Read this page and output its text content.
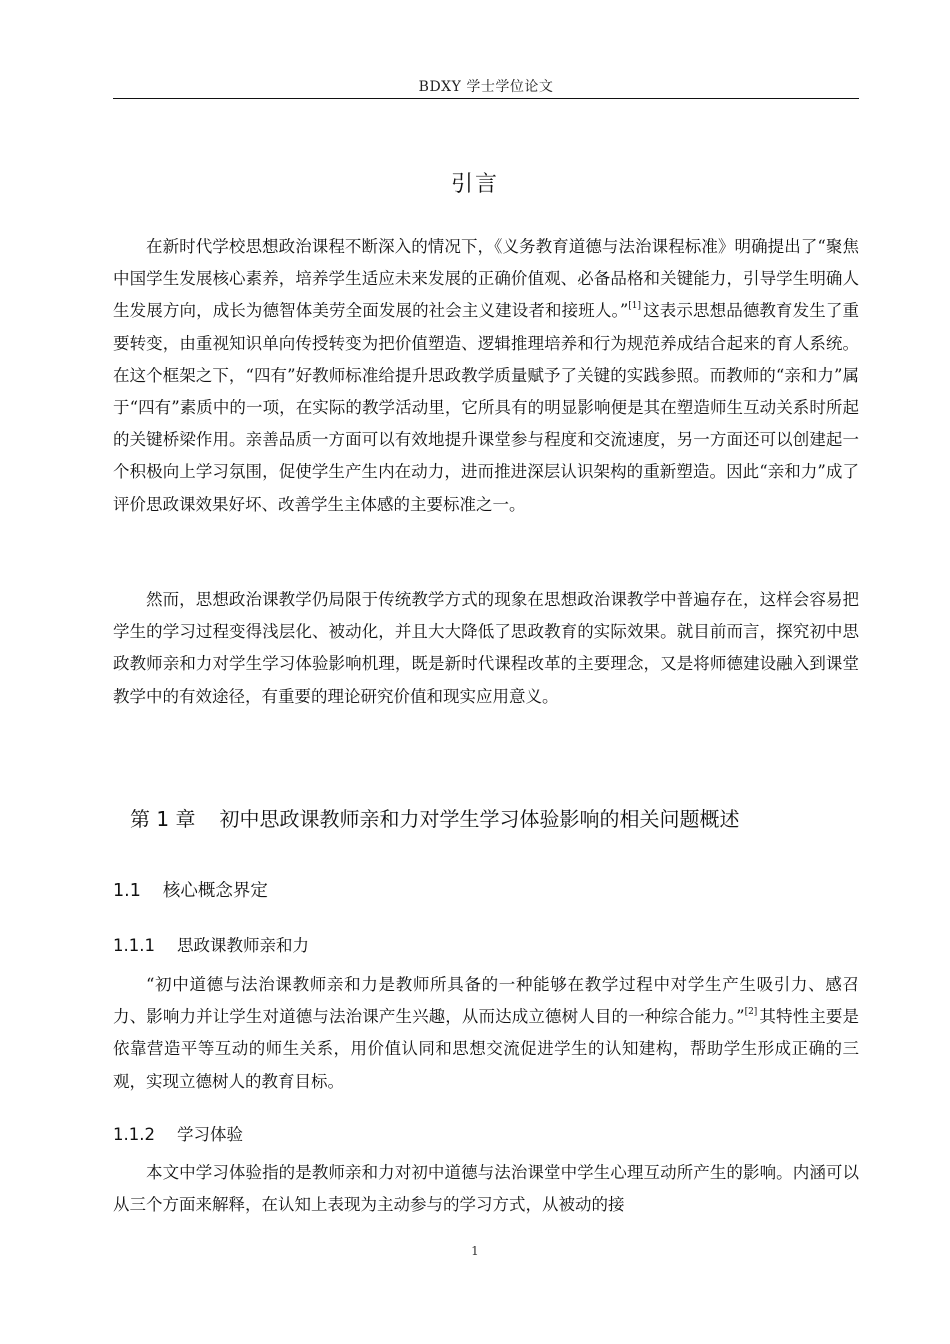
BDXY 学士学位论文
引言

在新时代学校思想政治课程不断深入的情况下，《义务教育道德与法治课程标准》明确提出了“聚焦中国学生发展核心素养，培养学生适应未来发展的正确价值观、必备品格和关键能力，引导学生明确人生发展方向，成长为德智体美劳全面发展的社会主义建设者和接班人。”[1] 这表示思想品德教育发生了重要转变，由重视知识单向传授转变为把价值塑造、逻辑推理培养和行为规范养成结合起来的育人系统。在这个框架之下，“四有”好教师标准给提升思政教学质量赋予了关键的实践参照。而教师的“亲和力”属于“四有”素质中的一项，在实际的教学活动里，它所具有的明显影响便是其在塑造师生互动关系时所起的关键桥梁作用。亲善品质一方面可以有效地提升课堂参与程度和交流速度，另一方面还可以创建起一个积极向上学习氛围，促使学生产生内在动力，进而推进深层认识架构的重新塑造。因此“亲和力”成了评价思政课效果好坏、改善学生主体感的主要标准之一。

然而，思想政治课教学仍局限于传统教学方式的现象在思想政治课教学中普遍存在，这样会容易把学生的学习过程变得浅层化、被动化，并且大大降低了思政教育的实际效果。就目前而言，探究初中思政教师亲和力对学生学习体验影响机理，既是新时代课程改革的主要理念，又是将师德建设融入到课堂教学中的有效途径，有重要的理论研究价值和现实应用意义。

第 1 章 初中思政课教师亲和力对学生学习体验影响的相关问题概述
1.1 核心概念界定
1.1.1 思政课教师亲和力

“初中道德与法治课教师亲和力是教师所具备的一种能够在教学过程中对学生产生吸引力、感召力、影响力并让学生对道德与法治课产生兴趣，从而达成立德树人目的一种综合能力。”[2] 其特性主要是依靠营造平等互动的师生关系，用价值认同和思想交流促进学生的认知建构，帮助学生形成正确的三观，实现立德树人的教育目标。

1.1.2 学习体验

本文中学习体验指的是教师亲和力对初中道德与法治课堂中学生心理互动所产生的影响。内涵可以从三个方面来解释，在认知上表现为主动参与的学习方式，从被动的接

1
